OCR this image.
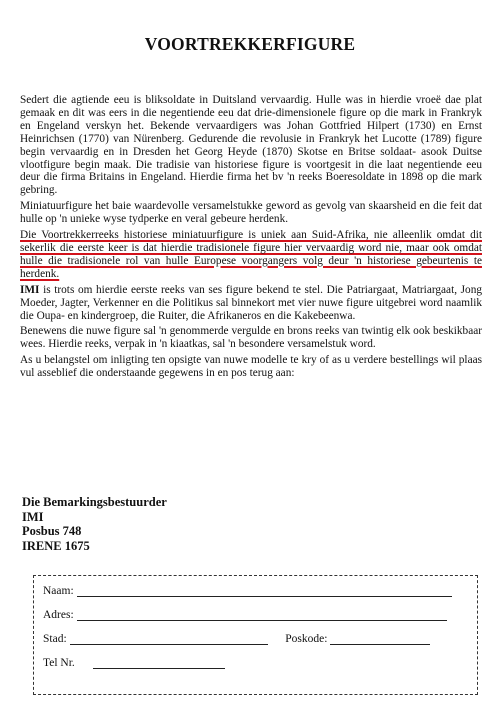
VOORTREKKERFIGURE

Sedert die agtiende eeu is bliksoldate in Duitsland vervaardig. Hulle was in hierdie vroeë dae plat gemaak en dit was eers in die negentiende eeu dat drie-dimensionele figure op die mark in Frankryk en Engeland verskyn het. Bekende vervaardigers was Johan Gottfried Hilpert (1730) en Ernst Heinrichsen (1770) van Nürenberg. Gedurende die revolusie in Frankryk het Lucotte (1789) figure begin vervaardig en in Dresden het Georg Heyde (1870) Skotse en Britse soldaat- asook Duitse vlootfigure begin maak. Die tradisie van historiese figure is voortgesit in die laat negentiende eeu deur die firma Britains in Engeland. Hierdie firma het bv 'n reeks Boeresoldate in 1898 op die mark gebring.

Miniatuurfigure het baie waardevolle versamelstukke geword as gevolg van skaarsheid en die feit dat hulle op 'n unieke wyse tydperke en veral gebeure herdenk.

Die Voortrekkerreeks historiese miniatuurfigure is uniek aan Suid-Afrika, nie alleenlik omdat dit sekerlik die eerste keer is dat hierdie tradisionele figure hier vervaardig word nie, maar ook omdat hulle die tradisionele rol van hulle Europese voorgangers volg deur 'n historiese gebeurtenis te herdenk.

IMI is trots om hierdie eerste reeks van ses figure bekend te stel. Die Patriargaat, Matriargaat, Jong Moeder, Jagter, Verkenner en die Politikus sal binnekort met vier nuwe figure uitgebrei word naamlik die Oupa- en kindergroep, die Ruiter, die Afrikaneros en die Kakebeenwa.

Benewens die nuwe figure sal 'n genommerde vergulde en brons reeks van twintig elk ook beskikbaar wees. Hierdie reeks, verpak in 'n kiaatkas, sal 'n besondere versamelstuk word.

As u belangstel om inligting ten opsigte van nuwe modelle te kry of as u verdere bestellings wil plaas vul asseblief die onderstaande gegewens in en pos terug aan:

Die Bemarkingsbestuurder
IMI
Posbus 748
IRENE 1675
Naam:
Adres:
Stad:	Poskode:
Tel Nr.
